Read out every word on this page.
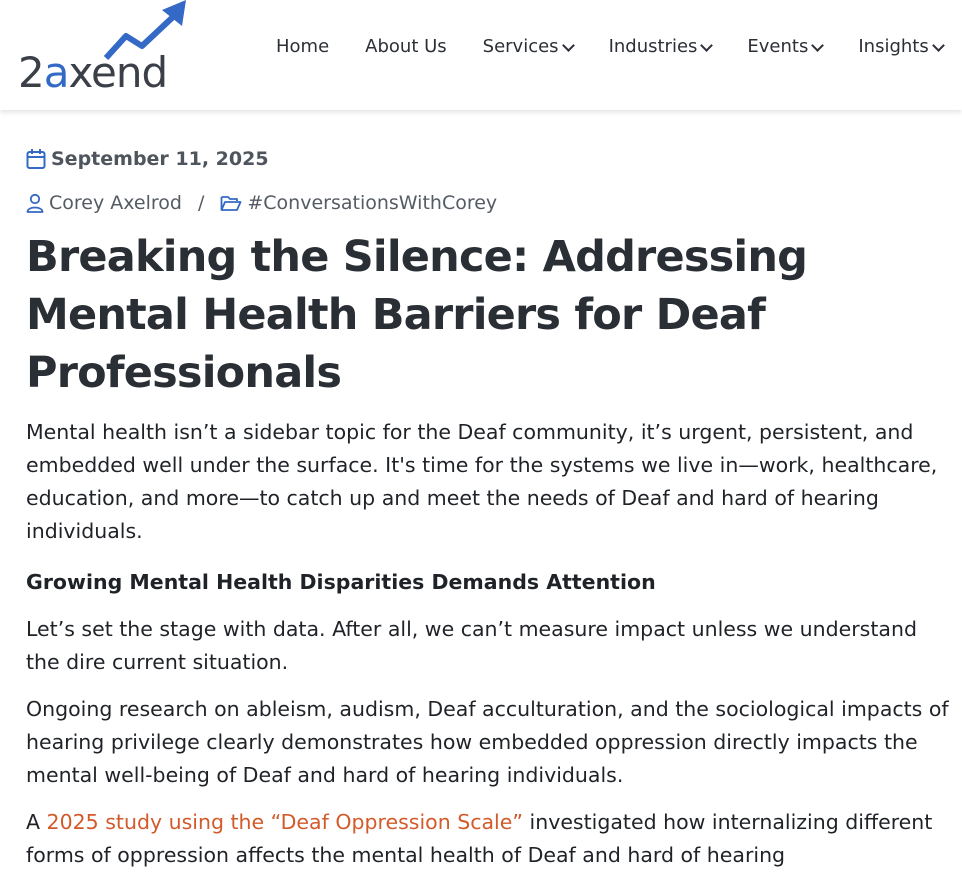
2axend
Home About Us Services	Industries	Events	Insights
September 11, 2025
Corey Axelrod / #ConversationsWithCorey
Breaking the Silence: Addressing Mental Health Barriers for Deaf Professionals

Mental health isn’t a sidebar topic for the Deaf community, it’s urgent, persistent, and embedded well under the surface. It's time for the systems we live in—work, healthcare, education, and more—to catch up and meet the needs of Deaf and hard of hearing individuals.

Growing Mental Health Disparities Demands Attention

Let’s set the stage with data. After all, we can’t measure impact unless we understand the dire current situation.

Ongoing research on ableism, audism, Deaf acculturation, and the sociological impacts of hearing privilege clearly demonstrates how embedded oppression directly impacts the mental well-being of Deaf and hard of hearing individuals.

A 2025 study using the “Deaf Oppression Scale” investigated how internalizing different forms of oppression affects the mental health of Deaf and hard of hearing
